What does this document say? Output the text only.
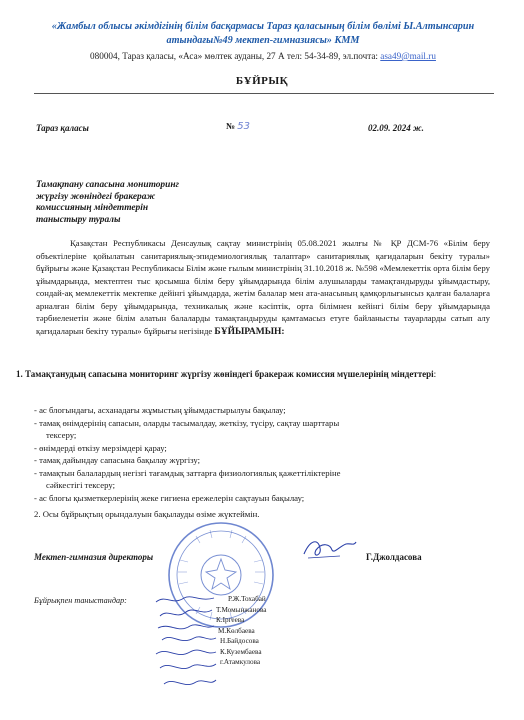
«Жамбыл облысы әкімдігінің білім басқармасы Тараз қаласының білім бөлімі Ы.Алтынсарин
атындағы№49 мектеп-гимназиясы» КММ
080004, Тараз қаласы, «Аса» мөлтек ауданы, 27 А тел: 54-34-89, эл.почта: asa49@mail.ru
БҰЙРЫҚ
Тараз қаласы	№ 53	02.09. 2024 ж.
Тамақтану сапасына мониторинг
жүргізу жөніндегі бракераж
комиссияның міндеттерін
таныстыру туралы
Қазақстан Республикасы Денсаулық сақтау министрінің 05.08.2021 жылғы № ҚР ДСМ-76 «Білім беру объектілеріне қойылатын санитариялық-эпидемиологиялық талаптар» санитариялық қағидаларын бекіту туралы» бұйрығы және Қазақстан Республикасы Білім және ғылым министрінің 31.10.2018 ж. №598 «Мемлекеттік орта білім беру ұйымдарында, мектептен тыс қосымша білім беру ұйымдарында білім алушыларды тамақтандыруды ұйымдастыру, сондай-ақ мемлекеттік мектепке дейінгі ұйымдарда, жетім балалар мен ата-анасының қамқорлығынсыз қалған балаларға арналған білім беру ұйымдарында, техникалық және кәсіптік, орта білімнен кейінгі білім беру ұйымдарында тәрбиеленетін және білім алатын балаларды тамақтандыруды қамтамасыз етуге байланысты тауарларды сатып алу қағидаларын бекіту туралы» бұйрығы негізінде БҰЙЫРАМЫН:
1. Тамақтанудың сапасына мониторинг жүргізу жөніндегі бракераж комиссия мүшелерінің міндеттері:
- ас блогындағы, асханадағы жұмыстың ұйымдастырылуы бақылау;
- тамақ өнімдерінің сапасын, оларды тасымалдау, жеткізу, түсіру, сақтау шарттары
тексеру;
- өнімдерді өткізу мерзімдері қарау;
- тамақ дайындау сапасына бақылау жүргізу;
- тамақтын балалардың негізгі тағамдық заттарға физиологиялық қажеттіліктеріне
сәйкестігі тексеру;
- ас блогы қызметкерлерінің жеке гигиена ережелерін сақтауын бақылау;
2. Осы бұйрықтың орындалуын бақылауды өзіме жүктеймін.
Мектеп-гимназия директоры	Г.Джолдасова
Бұйрықпен таныстандар:	Р.Ж.Тохабай
Т.Момынжанова
К.Іргеева
М.Көлбаева
Н.Байдосова
К.Кузембаева
г.Атамкулова
